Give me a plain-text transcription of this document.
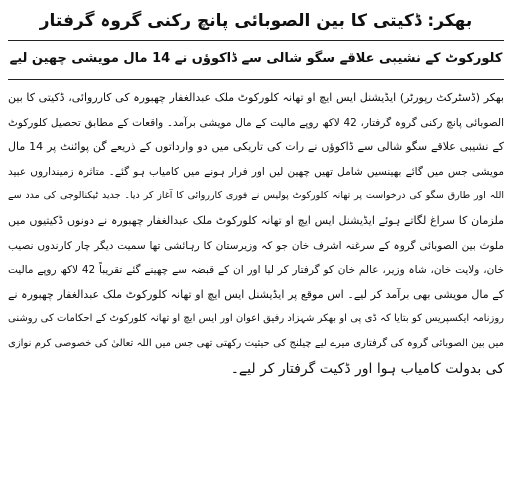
بھکر: ڈکیتی کا بین الصوبائی پانچ رکنی گروہ گرفتار
کلورکوٹ کے نشیبی علاقے سگو شالی سے ڈاکوؤں نے 14 مال مویشی چھین لیے
بھکر (ڈسٹرکٹ رپورٹر) ایڈیشنل ایس ایچ او تھانہ کلورکوٹ ملک عبدالغفار چھبورہ کی کارروائی، ڈکیتی کا بین
الصوبائی پانچ رکنی گروہ گرفتار، 42 لاکھ روپے مالیت کے مال مویشی برآمد۔ واقعات کے مطابق تحصیل کلورکوٹ
کے نشیبی علاقے سگو شالی سے ڈاکوؤں نے رات کی تاریکی میں دو وارداتوں کے ذریعے گن پوائنٹ پر 14 مال
مویشی جس میں گائے بھینسیں شامل تھیں چھین لیں اور فرار ہونے میں کامیاب ہو گئے۔ متاثرہ زمینداروں عبید
اللہ اور طارق سگو کی درخواست پر تھانہ کلورکوٹ پولیس نے فوری کارروائی کا آغاز کر دیا۔ جدید ٹیکنالوجی کی مدد سے
ملزمان کا سراغ لگاتے ہوئے ایڈیشنل ایس ایچ او تھانہ کلورکوٹ ملک عبدالغفار چھبورہ نے دونوں ڈکیتیوں میں
ملوث بین الصوبائی گروہ کے سرغنہ اشرف خان جو کہ وزیرستان کا رہائشی تھا سمیت دیگر چار کارندوں نصیب
خان، ولایت خان، شاہ وزیر، عالم خان کو گرفتار کر لیا اور ان کے قبضہ سے چھینے گئے تقریباً 42 لاکھ روپے مالیت
کے مال مویشی بھی برآمد کر لیے۔ اس موقع پر ایڈیشنل ایس ایچ او تھانہ کلورکوٹ ملک عبدالغفار چھبورہ نے
روزنامہ ایکسپریس کو بتایا کہ ڈی پی او بھکر شہزاد رفیق اعوان اور ایس ایچ او تھانہ کلورکوٹ کے احکامات کی روشنی
میں بین الصوبائی گروہ کی گرفتاری میرے لیے چیلنج کی حیثیت رکھتی تھی جس میں اللہ تعالیٰ کی خصوصی کرم نوازی
کی بدولت کامیاب ہوا اور ڈکیت گرفتار کر لیے۔
